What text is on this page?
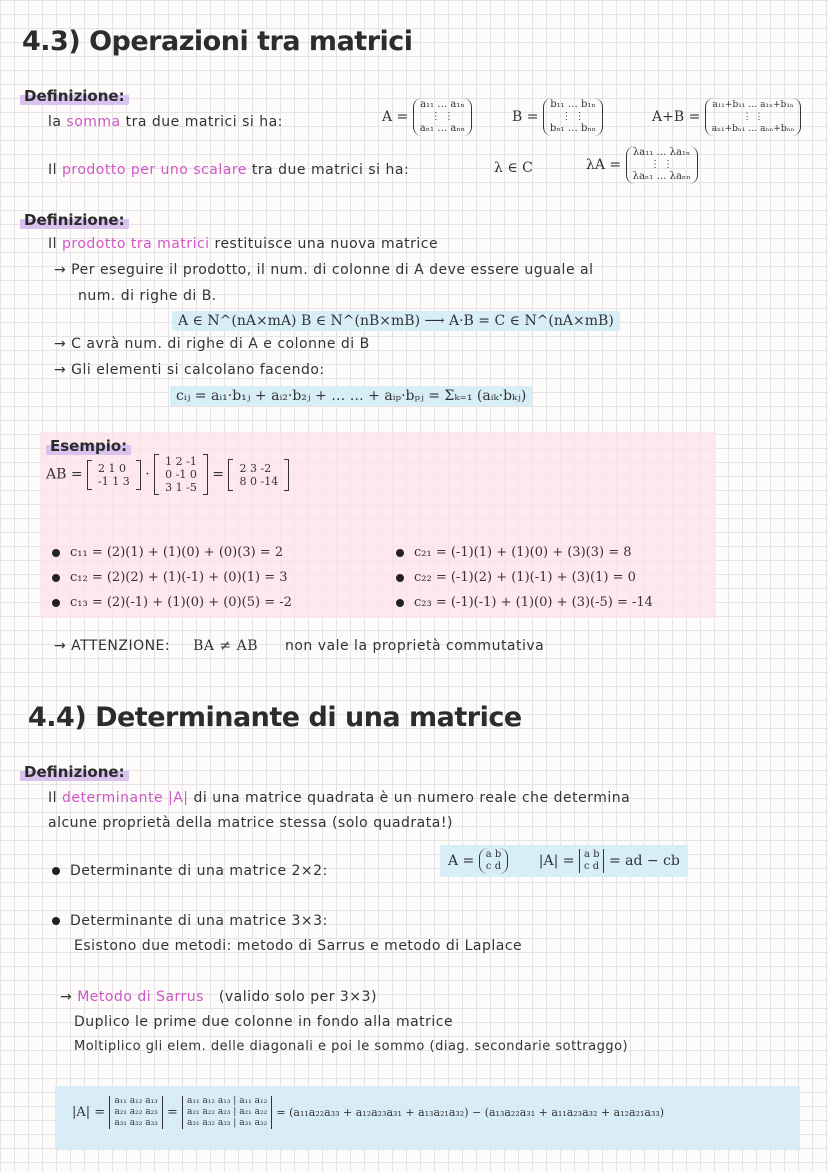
4.3) Operazioni tra matrici
Definizione:
la somma tra due matrici si ha:	A =
a₁₁ … a₁ₙ
⋮ ⋮
aₙ₁ … aₙₙ
B =
b₁₁ … b₁ₙ
⋮ ⋮
bₙ₁ … bₙₙ
A+B =
a₁₁+b₁₁ … a₁ₙ+b₁ₙ
⋮ ⋮
aₙ₁+bₙ₁ … aₙₙ+bₙₙ
Il prodotto per uno scalare tra due matrici si ha:	λ ∈ C	λA =
λa₁₁ … λa₁ₙ
⋮ ⋮
λaₙ₁ … λaₙₙ
Definizione:
Il prodotto tra matrici restituisce una nuova matrice
→ Per eseguire il prodotto, il num. di colonne di A deve essere uguale al
num. di righe di B.
A ∈ N^(nA×mA) B ∈ N^(nB×mB) ⟶ A·B = C ∈ N^(nA×mB)
→ C avrà num. di righe di A e colonne di B
→ Gli elementi si calcolano facendo:
cᵢⱼ = aᵢ₁·b₁ⱼ + aᵢ₂·b₂ⱼ + … … + aᵢₚ·bₚⱼ = Σₖ₌₁ (aᵢₖ·bₖⱼ)
Esempio:
AB = 2 1 0
-1 1 3 ·
1 2 -1
0 -1 0
3 1 -5
= 2 3 -2
8 0 -14
c₁₁ = (2)(1) + (1)(0) + (0)(3) = 2
c₁₂ = (2)(2) + (1)(-1) + (0)(1) = 3
c₁₃ = (2)(-1) + (1)(0) + (0)(5) = -2
c₂₁ = (-1)(1) + (1)(0) + (3)(3) = 8
c₂₂ = (-1)(2) + (1)(-1) + (3)(1) = 0
c₂₃ = (-1)(-1) + (1)(0) + (3)(-5) = -14
→ ATTENZIONE: BA ≠ AB non vale la proprietà commutativa
4.4) Determinante di una matrice
Definizione:
Il determinante |A| di una matrice quadrata è un numero reale che determina
alcune proprietà della matrice stessa (solo quadrata!)
Determinante di una matrice 2×2:
A = a b
c d	|A| = a b
c d = ad − cb
Determinante di una matrice 3×3:
Esistono due metodi: metodo di Sarrus e metodo di Laplace
→ Metodo di Sarrus (valido solo per 3×3)
Duplico le prime due colonne in fondo alla matrice
Moltiplico gli elem. delle diagonali e poi le sommo (diag. secondarie sottraggo)
|A| =
a₁₁ a₁₂ a₁₃
a₂₁ a₂₂ a₂₃
a₃₁ a₃₂ a₃₃
=
a₁₁ a₁₂ a₁₃ | a₁₁ a₁₂
a₂₁ a₂₂ a₂₃ | a₂₁ a₂₂
a₃₁ a₃₂ a₃₃ | a₃₁ a₃₂
= (a₁₁a₂₂a₃₃ + a₁₂a₂₃a₃₁ + a₁₃a₂₁a₃₂) − (a₁₃a₂₂a₃₁ + a₁₁a₂₃a₃₂ + a₁₂a₂₁a₃₃)
